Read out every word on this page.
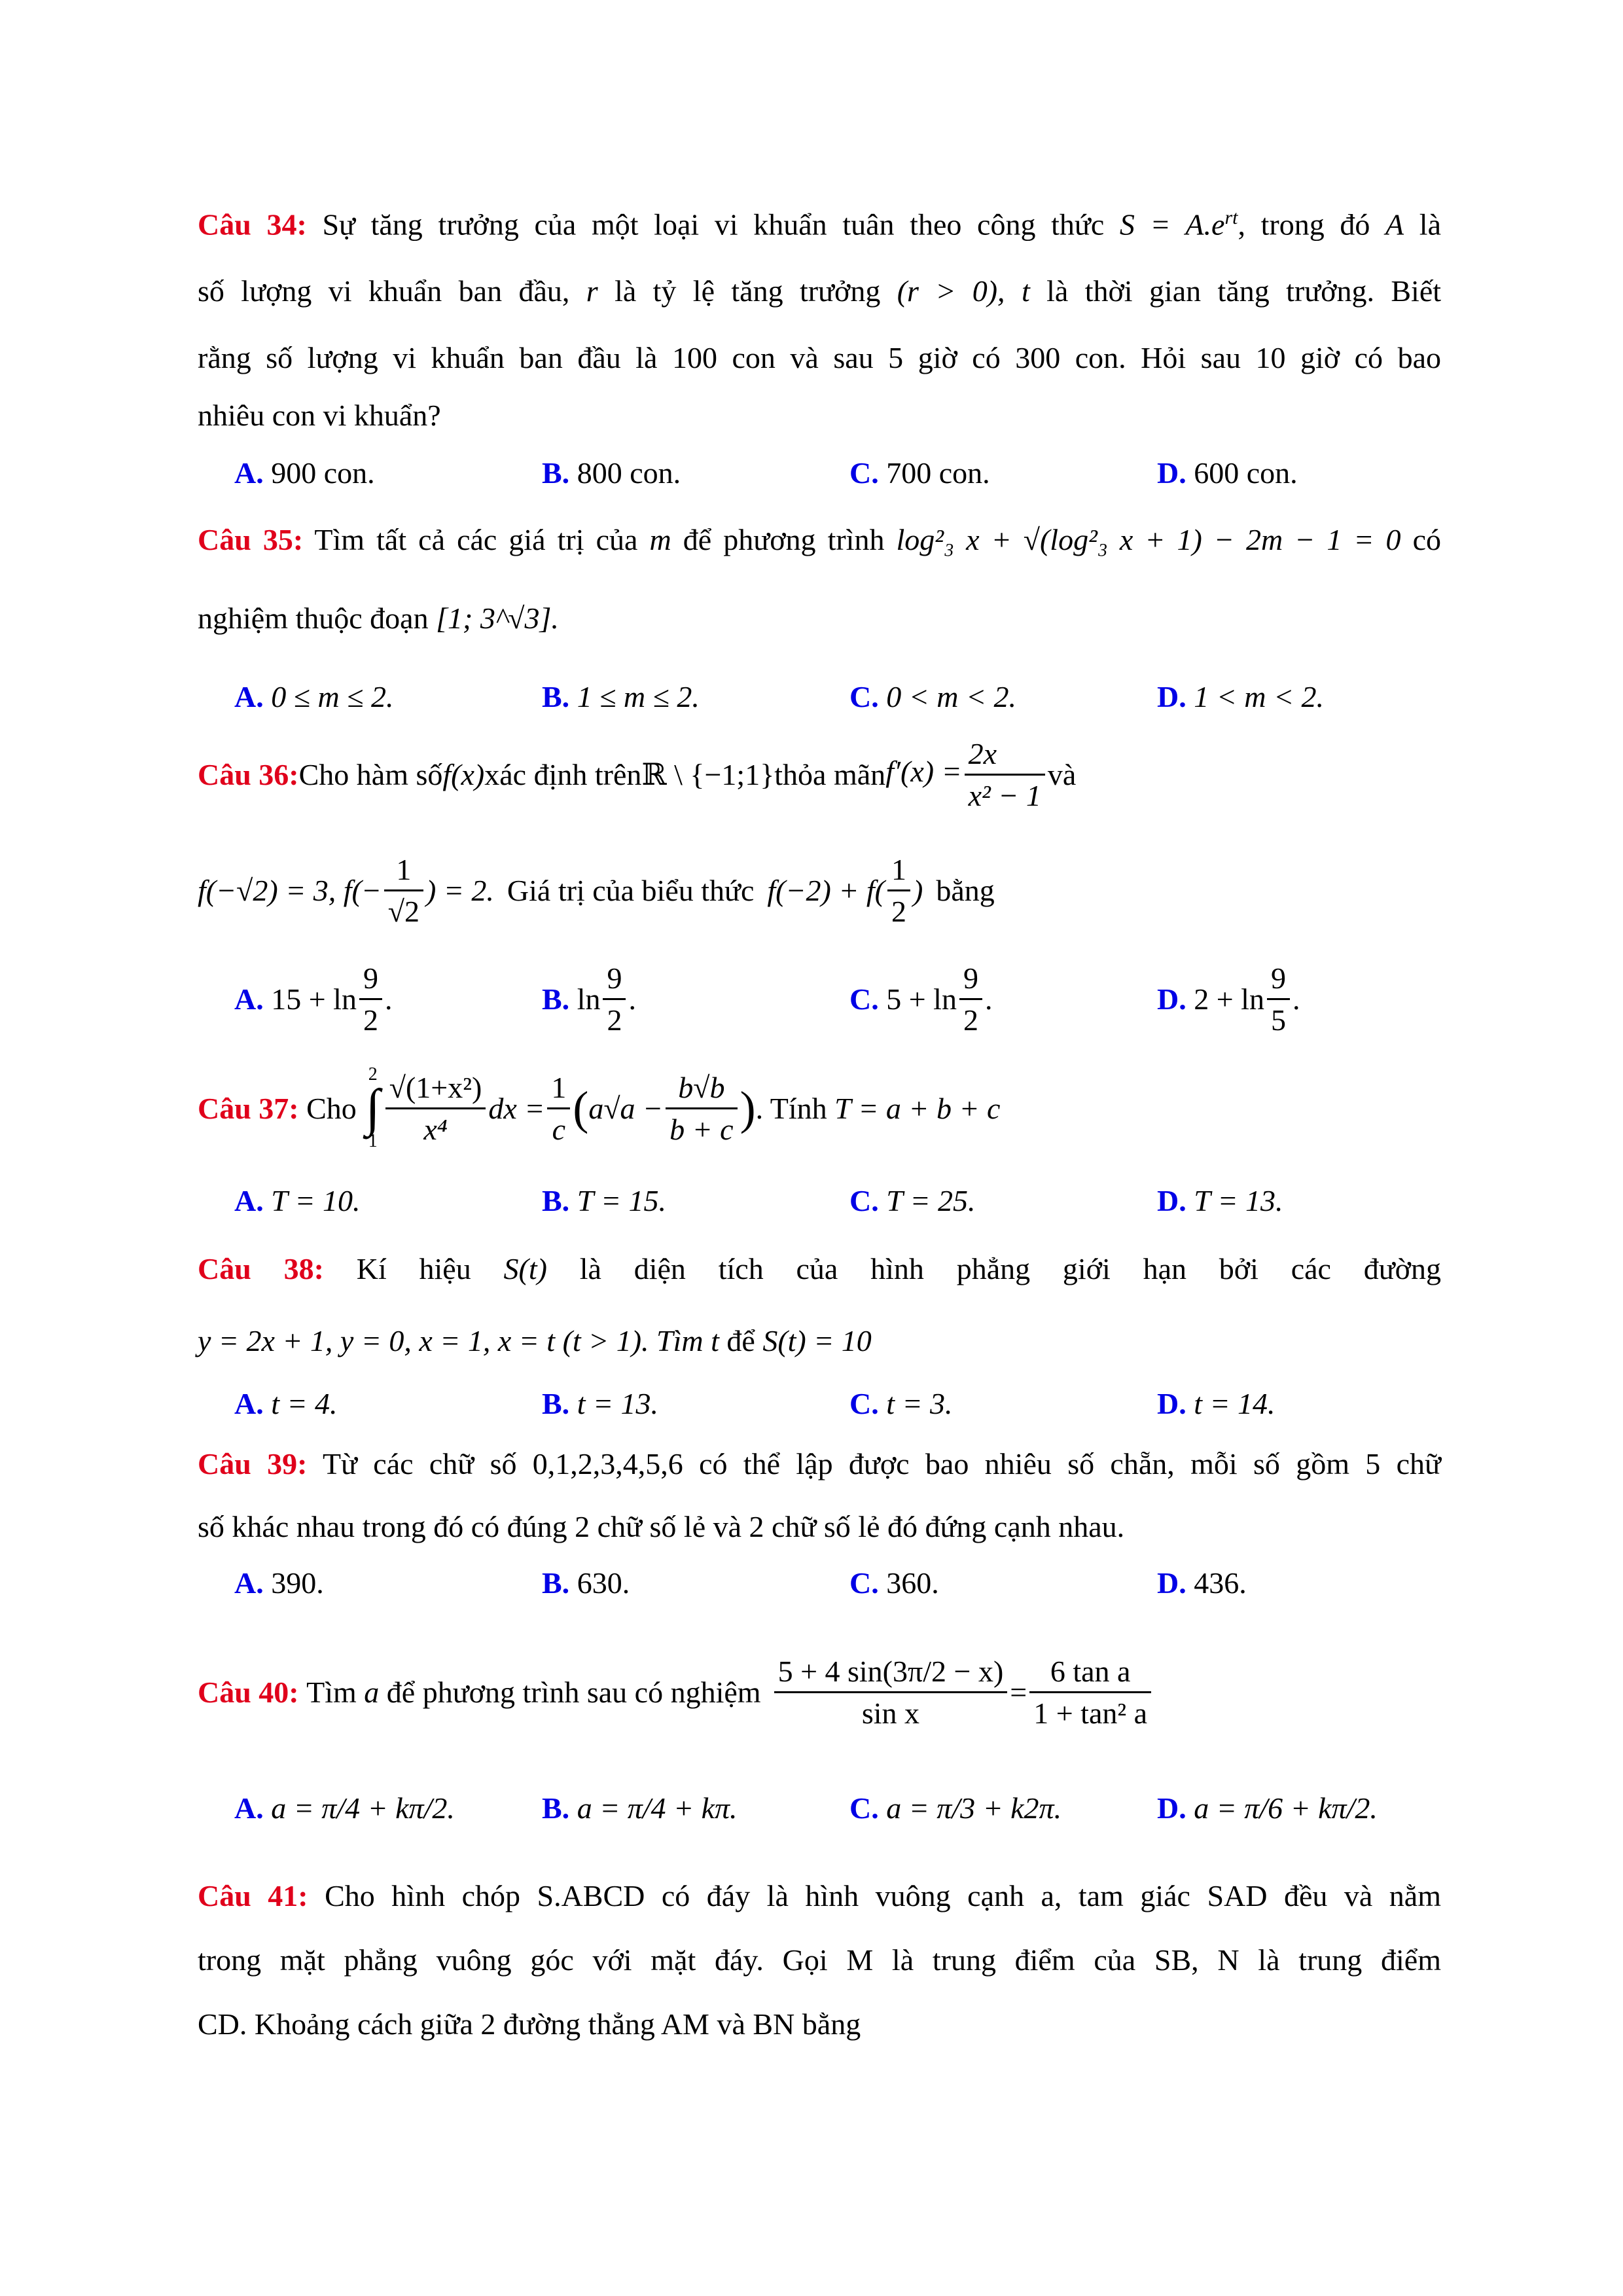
Câu 34: Sự tăng trưởng của một loại vi khuẩn tuân theo công thức $S = A.e^{rt}$, trong đó A là
số lượng vi khuẩn ban đầu, r là tỷ lệ tăng trưởng (r > 0), t là thời gian tăng trưởng. Biết
rằng số lượng vi khuẩn ban đầu là 100 con và sau 5 giờ có 300 con. Hỏi sau 10 giờ có bao
nhiêu con vi khuẩn?
A. 900 con.	B. 800 con.	C. 700 con.	D. 600 con.
Câu 35: Tìm tất cả các giá trị của m để phương trình log²₃ x + √(log²₃ x + 1) − 2m − 1 = 0 có
nghiệm thuộc đoạn [1; 3^√3].
A. 0 ≤ m ≤ 2.	B. 1 ≤ m ≤ 2.	C. 0 < m < 2.	D. 1 < m < 2.
Câu 36: Cho hàm số f(x) xác định trên ℝ \ {−1;1} thỏa mãn $f'(x) = \frac{2x}{\text{x² − 1}}$ và
f(−√2) = 3, $f( - \frac{1}{√2}$ ) = 2. Giá trị của biểu thức $f(-2) + f( \frac{1}{2}$ ) bằng
A.
$15 + \ln \frac{9}{2}$ .	B.
$\ln \frac{9}{2}$ .	C.
$5 + \ln \frac{9}{2}$ .	D.
$2 + \ln \frac{9}{5}$ .
Câu 37:
Cho
2
∫
$1 \frac{\text{√(1+x²)}}{\text{x⁴}}$ dx = $\frac{1}{c}$ ( $a√a - \frac{b√b}{b + c}$ ) . Tính
T = a + b + c
A. T = 10.	B. T = 15.	C. T = 25.	D. T = 13.
Câu 38: Kí hiệu S(t) là diện tích của hình phẳng giới hạn bởi các đường
y = 2x + 1, y = 0, x = 1, x = t (t > 1). Tìm t để S(t) = 10
A. t = 4.	B. t = 13.	C. t = 3.	D. t = 14.
Câu 39: Từ các chữ số 0,1,2,3,4,5,6 có thể lập được bao nhiêu số chẵn, mỗi số gồm 5 chữ
số khác nhau trong đó có đúng 2 chữ số lẻ và 2 chữ số lẻ đó đứng cạnh nhau.
A. 390.	B. 630.	C. 360.	D. 436.
Câu 40:
Tìm
a
để phương trình sau có nghiệm $\frac{5 + 4 \sin(3\pi/2 - x)}{\text{sin x}} = \frac{\text{6 tan a}}{\text{1 + tan² a}}$
A. a = π/4 + kπ/2.	B. a = π/4 + kπ.	C. a = π/3 + k2π.	D. a = π/6 + kπ/2.
Câu 41: Cho hình chóp S.ABCD có đáy là hình vuông cạnh a, tam giác SAD đều và nằm
trong mặt phẳng vuông góc với mặt đáy. Gọi M là trung điểm của SB, N là trung điểm
CD. Khoảng cách giữa 2 đường thẳng AM và BN bằng
